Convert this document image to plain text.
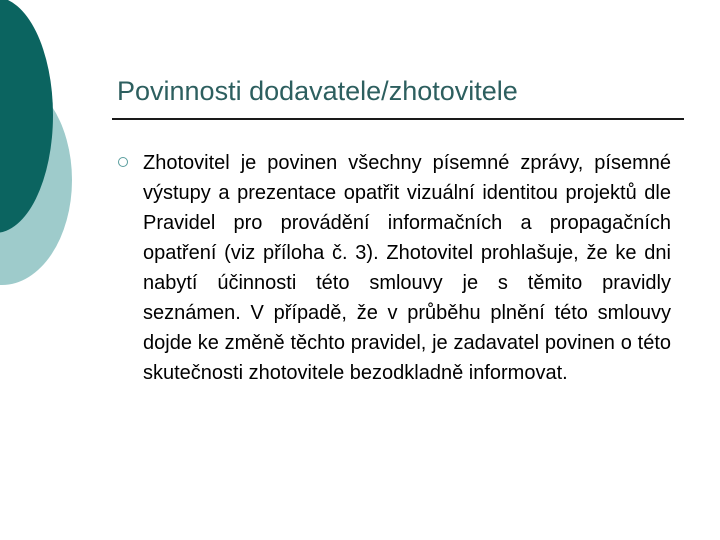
Povinnosti dodavatele/zhotovitele

Zhotovitel je povinen všechny písemné zprávy, písemné výstupy a prezentace opatřit vizuální identitou projektů dle Pravidel pro provádění informačních a propagačních opatření (viz příloha č. 3). Zhotovitel prohlašuje, že ke dni nabytí účinnosti této smlouvy je s těmito pravidly seznámen. V případě, že v průběhu plnění této smlouvy dojde ke změně těchto pravidel, je zadavatel povinen o této skutečnosti zhotovitele bezodkladně informovat.
